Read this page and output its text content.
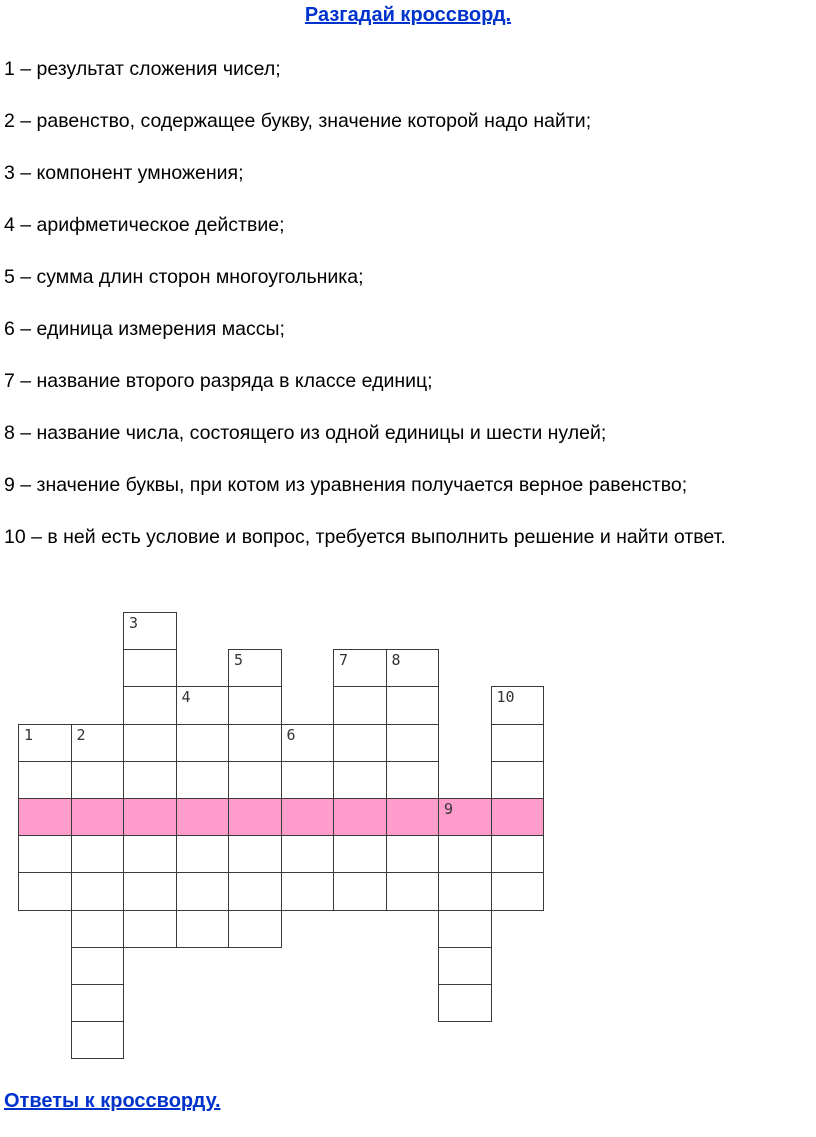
Разгадай кроссворд.
1 – результат сложения чисел;
2 – равенство, содержащее букву, значение которой надо найти;
3 – компонент умножения;
4 – арифметическое действие;
5 – сумма длин сторон многоугольника;
6 – единица измерения массы;
7 – название второго разряда в классе единиц;
8 – название числа, состоящего из одной единицы и шести нулей;
9 – значение буквы, при котом из уравнения получается верное равенство;
10 – в ней есть условие и вопрос, требуется выполнить решение и найти ответ.
3
5	7	8
4	10
1	2	6
9
Ответы к кроссворду.
